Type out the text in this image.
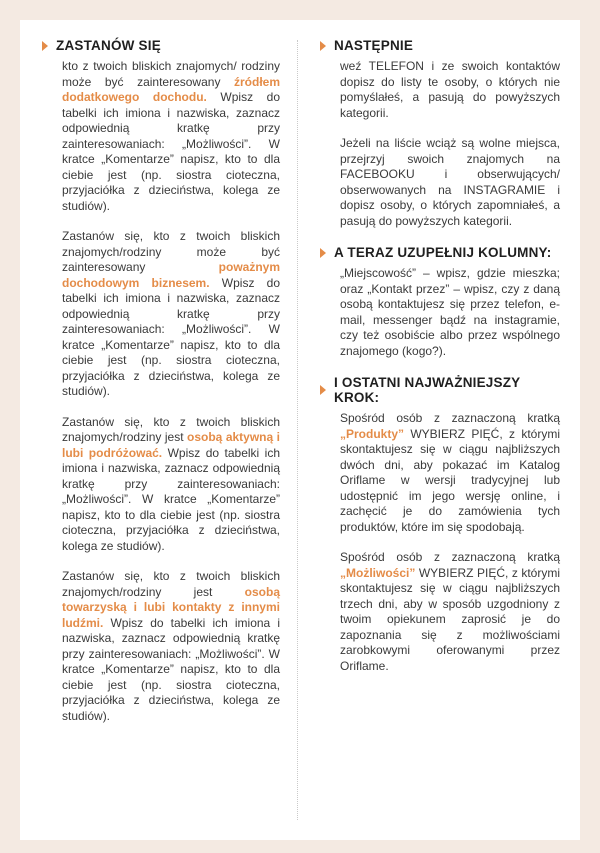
ZASTANÓW SIĘ

kto z twoich bliskich znajomych/ rodziny może być zainteresowany źródłem dodatkowego dochodu. Wpisz do tabelki ich imiona i nazwiska, zaznacz odpowiednią kratkę przy zainteresowaniach: „Możliwości”. W kratce „Komentarze” napisz, kto to dla ciebie jest (np. siostra cioteczna, przyjaciółka z dzieciństwa, kolega ze studiów).

Zastanów się, kto z twoich bliskich znajomych/rodziny może być zainteresowany poważnym dochodowym biznesem. Wpisz do tabelki ich imiona i nazwiska, zaznacz odpowiednią kratkę przy zainteresowaniach: „Możliwości”. W kratce „Komentarze” napisz, kto to dla ciebie jest (np. siostra cioteczna, przyjaciółka z dzieciństwa, kolega ze studiów).

Zastanów się, kto z twoich bliskich znajomych/rodziny jest osobą aktywną i lubi podróżować. Wpisz do tabelki ich imiona i nazwiska, zaznacz odpowiednią kratkę przy zainteresowaniach: „Możliwości”. W kratce „Komentarze” napisz, kto to dla ciebie jest (np. siostra cioteczna, przyjaciółka z dzieciństwa, kolega ze studiów).

Zastanów się, kto z twoich bliskich znajomych/rodziny jest osobą towarzyską i lubi kontakty z innymi ludźmi. Wpisz do tabelki ich imiona i nazwiska, zaznacz odpowiednią kratkę przy zainteresowaniach: „Możliwości”. W kratce „Komentarze” napisz, kto to dla ciebie jest (np. siostra cioteczna, przyjaciółka z dzieciństwa, kolega ze studiów).

NASTĘPNIE

weź TELEFON i ze swoich kontaktów dopisz do listy te osoby, o których nie pomyślałeś, a pasują do powyższych kategorii.

Jeżeli na liście wciąż są wolne miejsca, przejrzyj swoich znajomych na FACEBOOKU i obserwujących/ obserwowanych na INSTAGRAMIE i dopisz osoby, o których zapomniałeś, a pasują do powyższych kategorii.

A TERAZ UZUPEŁNIJ KOLUMNY:

„Miejscowość” – wpisz, gdzie mieszka; oraz „Kontakt przez” – wpisz, czy z daną osobą kontaktujesz się przez telefon, e-mail, messenger bądź na instagramie, czy też osobiście albo przez wspólnego znajomego (kogo?).

I OSTATNI NAJWAŻNIEJSZY KROK:

Spośród osób z zaznaczoną kratką „Produkty” WYBIERZ PIĘĆ, z którymi skontaktujesz się w ciągu najbliższych dwóch dni, aby pokazać im Katalog Oriflame w wersji tradycyjnej lub udostępnić im jego wersję online, i zachęcić je do zamówienia tych produktów, które im się spodobają.

Spośród osób z zaznaczoną kratką „Możliwości” WYBIERZ PIĘĆ, z którymi skontaktujesz się w ciągu najbliższych trzech dni, aby w sposób uzgodniony z twoim opiekunem zaprosić je do zapoznania się z możliwościami zarobkowymi oferowanymi przez Oriflame.
